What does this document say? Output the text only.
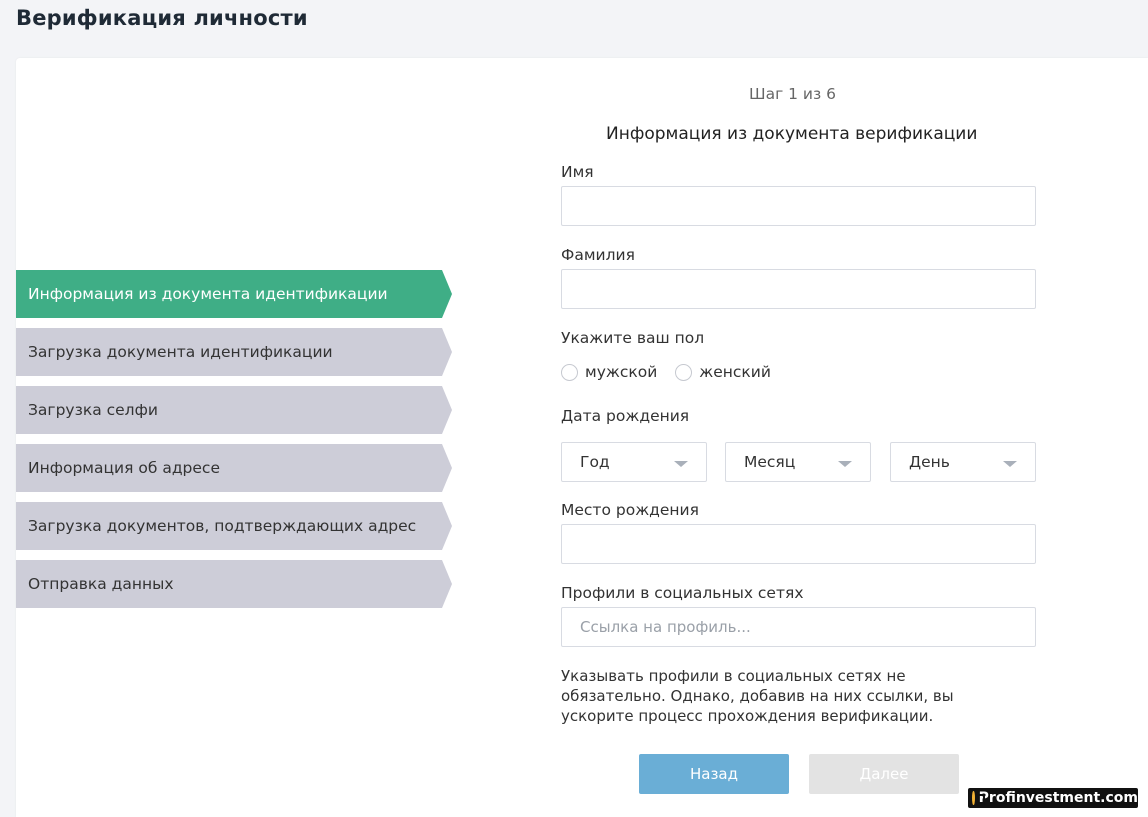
Верификация личности
Информация из документа идентификации
Загрузка документа идентификации
Загрузка селфи
Информация об адресе
Загрузка документов, подтверждающих адрес
Отправка данных
Шаг 1 из 6
Информация из документа верификации
Имя
Фамилия
Укажите ваш пол
мужской	женский
Дата рождения
Год	Месяц	День
Место рождения
Профили в социальных сетях
Ссылка на профиль...
Указывать профили в социальных сетях не обязательно. Однако, добавив на них ссылки, вы ускорите процесс прохождения верификации.
Назад	Далее
Profinvestment.com
